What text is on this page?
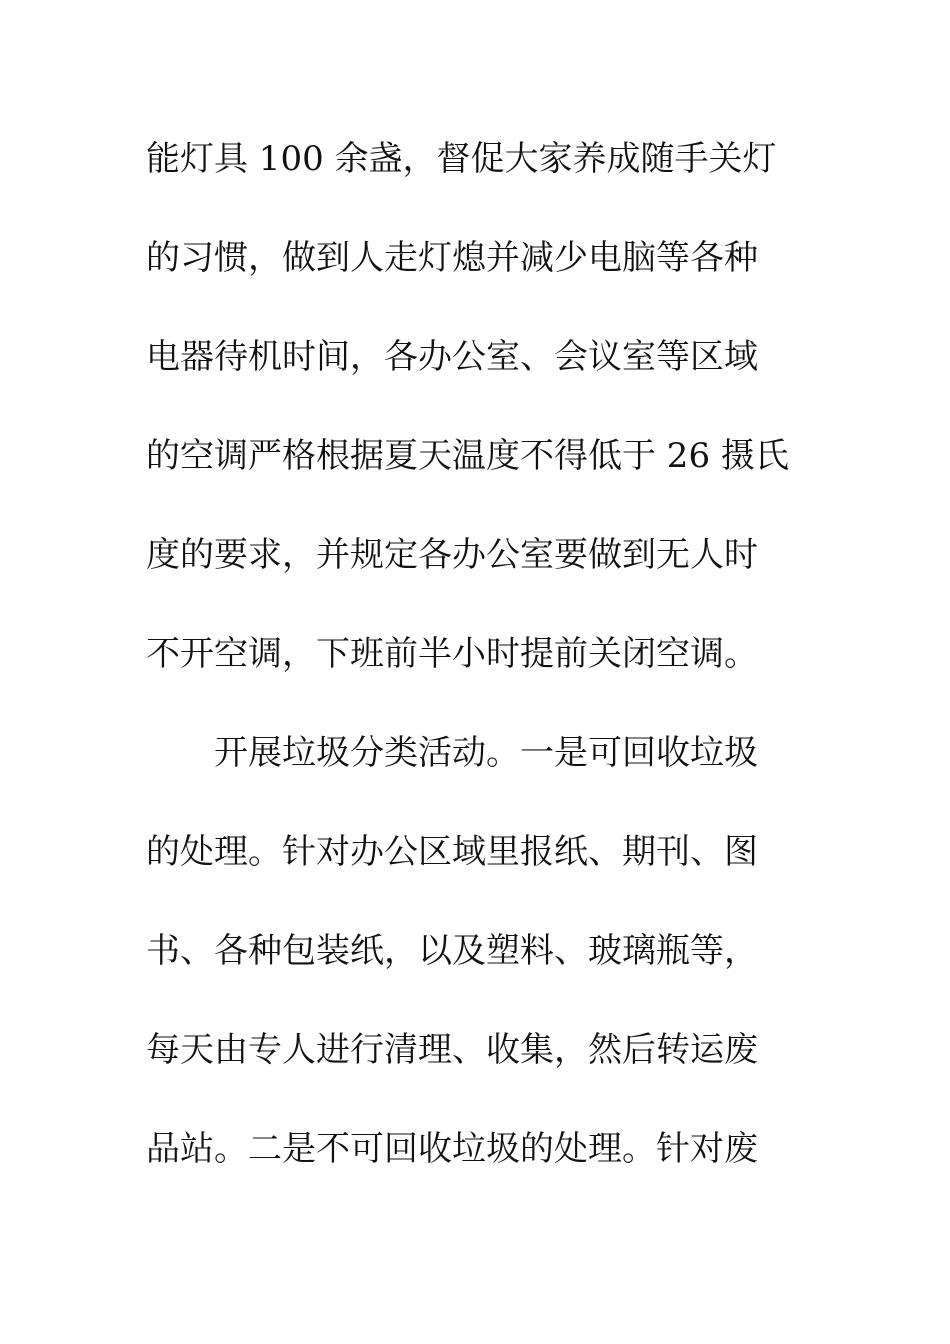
能灯具 100 余盏，督促大家养成随手关灯
的习惯，做到人走灯熄并减少电脑等各种
电器待机时间，各办公室、会议室等区域
的空调严格根据夏天温度不得低于 26 摄氏
度的要求，并规定各办公室要做到无人时
不开空调，下班前半小时提前关闭空调。
开展垃圾分类活动。一是可回收垃圾
的处理。针对办公区域里报纸、期刊、图
书、各种包装纸，以及塑料、玻璃瓶等，
每天由专人进行清理、收集，然后转运废
品站。二是不可回收垃圾的处理。针对废
